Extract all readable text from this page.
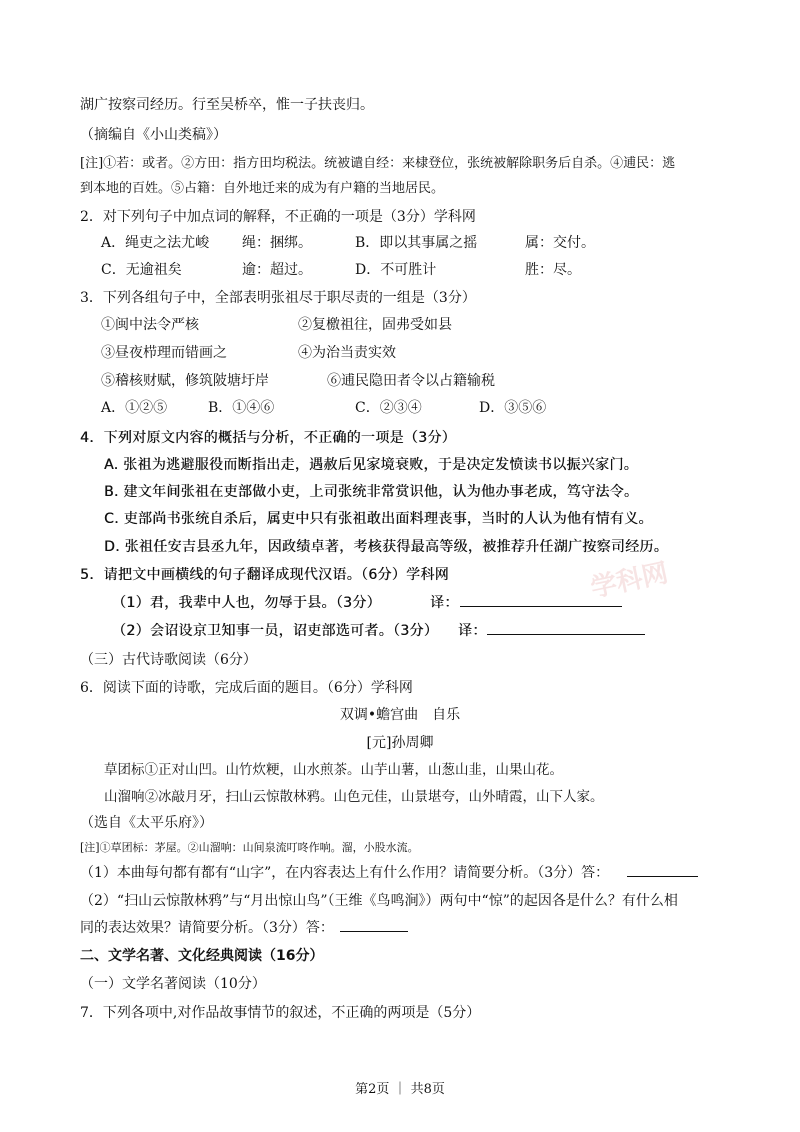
学科网
湖广按察司经历。行至吴桥卒，惟一子扶丧归。
（摘编自《小山类稿》）
[注]①若：或者。②方田：指方田均税法。统被谴自经：来棣登位，张统被解除职务后自杀。④逋民：逃
到本地的百姓。⑤占籍：自外地迁来的成为有户籍的当地居民。
2．对下列句子中加点词的解释，不正确的一项是（3分）学科网
A．绳吏之法尤峻 绳：捆绑。	B．即以其事属之摇	属：交付。
C．无逾祖矣	逾：超过。	D．不可胜计	胜：尽。
3．下列各组句子中，全部表明张祖尽于职尽责的一组是（3分）
①闽中法令严核	②复檄祖往，固弗受如县
③昼夜栉理而错画之	④为治当责实效
⑤稽核财赋，修筑陂塘圩岸	⑥逋民隐田者令以占籍输税
A．①②⑤	B．①④⑥	C．②③④	D．③⑤⑥
4．下列对原文内容的概括与分析，不正确的一项是（3分）
A. 张祖为逃避服役而断指出走，遇赦后见家境衰败，于是决定发愤读书以振兴家门。
B. 建文年间张祖在吏部做小吏，上司张统非常赏识他，认为他办事老成，笃守法令。
C. 吏部尚书张统自杀后，属吏中只有张祖敢出面料理丧事，当时的人认为他有情有义。
D. 张祖任安吉县丞九年，因政绩卓著，考核获得最高等级，被推荐升任湖广按察司经历。
5．请把文中画横线的句子翻译成现代汉语。（6分）学科网
（1）君，我辈中人也，勿辱于县。（3分）	译：
（2）会诏设京卫知事一员，诏吏部选可者。（3分） 译：
（三）古代诗歌阅读（6分）
6．阅读下面的诗歌，完成后面的题目。（6分）学科网
双调•蟾宫曲　自乐
[元]孙周卿
草团标①正对山凹。山竹炊粳，山水煎茶。山芋山薯，山葱山韭，山果山花。
山溜响②冰敲月牙，扫山云惊散林鸦。山色元佳，山景堪夸，山外晴霞，山下人家。
（选自《太平乐府》）
[注]①草团标：茅屋。②山溜响：山间泉流叮咚作响。溜，小股水流。
（1）本曲每句都有都有“山字”，在内容表达上有什么作用？请简要分析。（3分）答：
（2）“扫山云惊散林鸦”与“月出惊山鸟”（王维《鸟鸣涧》）两句中“惊”的起因各是什么？有什么相
同的表达效果？请简要分析。（3分）答：
二、文学名著、文化经典阅读（16分）
（一）文学名著阅读（10分）
7．下列各项中,对作品故事情节的叙述，不正确的两项是（5分）
第2页 ｜ 共8页
